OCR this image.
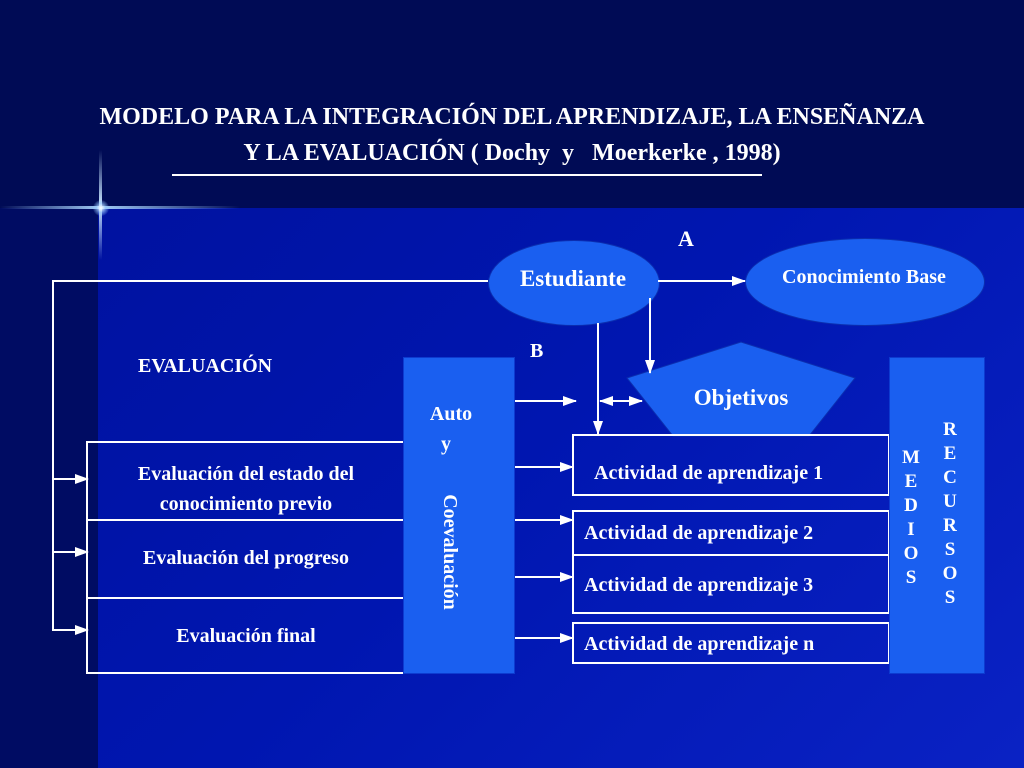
MODELO PARA LA INTEGRACIÓN DEL APRENDIZAJE, LA ENSEÑANZA
Y LA EVALUACIÓN ( Dochy y Moerkerke , 1998)
Estudiante	Conocimiento Base
Objetivos
A
B
EVALUACIÓN
Evaluación del estado del
conocimiento previo
Evaluación del progreso
Evaluación final
Auto
y
Coevaluación
Actividad de aprendizaje 1
Actividad de aprendizaje 2
Actividad de aprendizaje 3
Actividad de aprendizaje n
M
E
D
I
O
S
R
E
C
U
R
S
O
S
